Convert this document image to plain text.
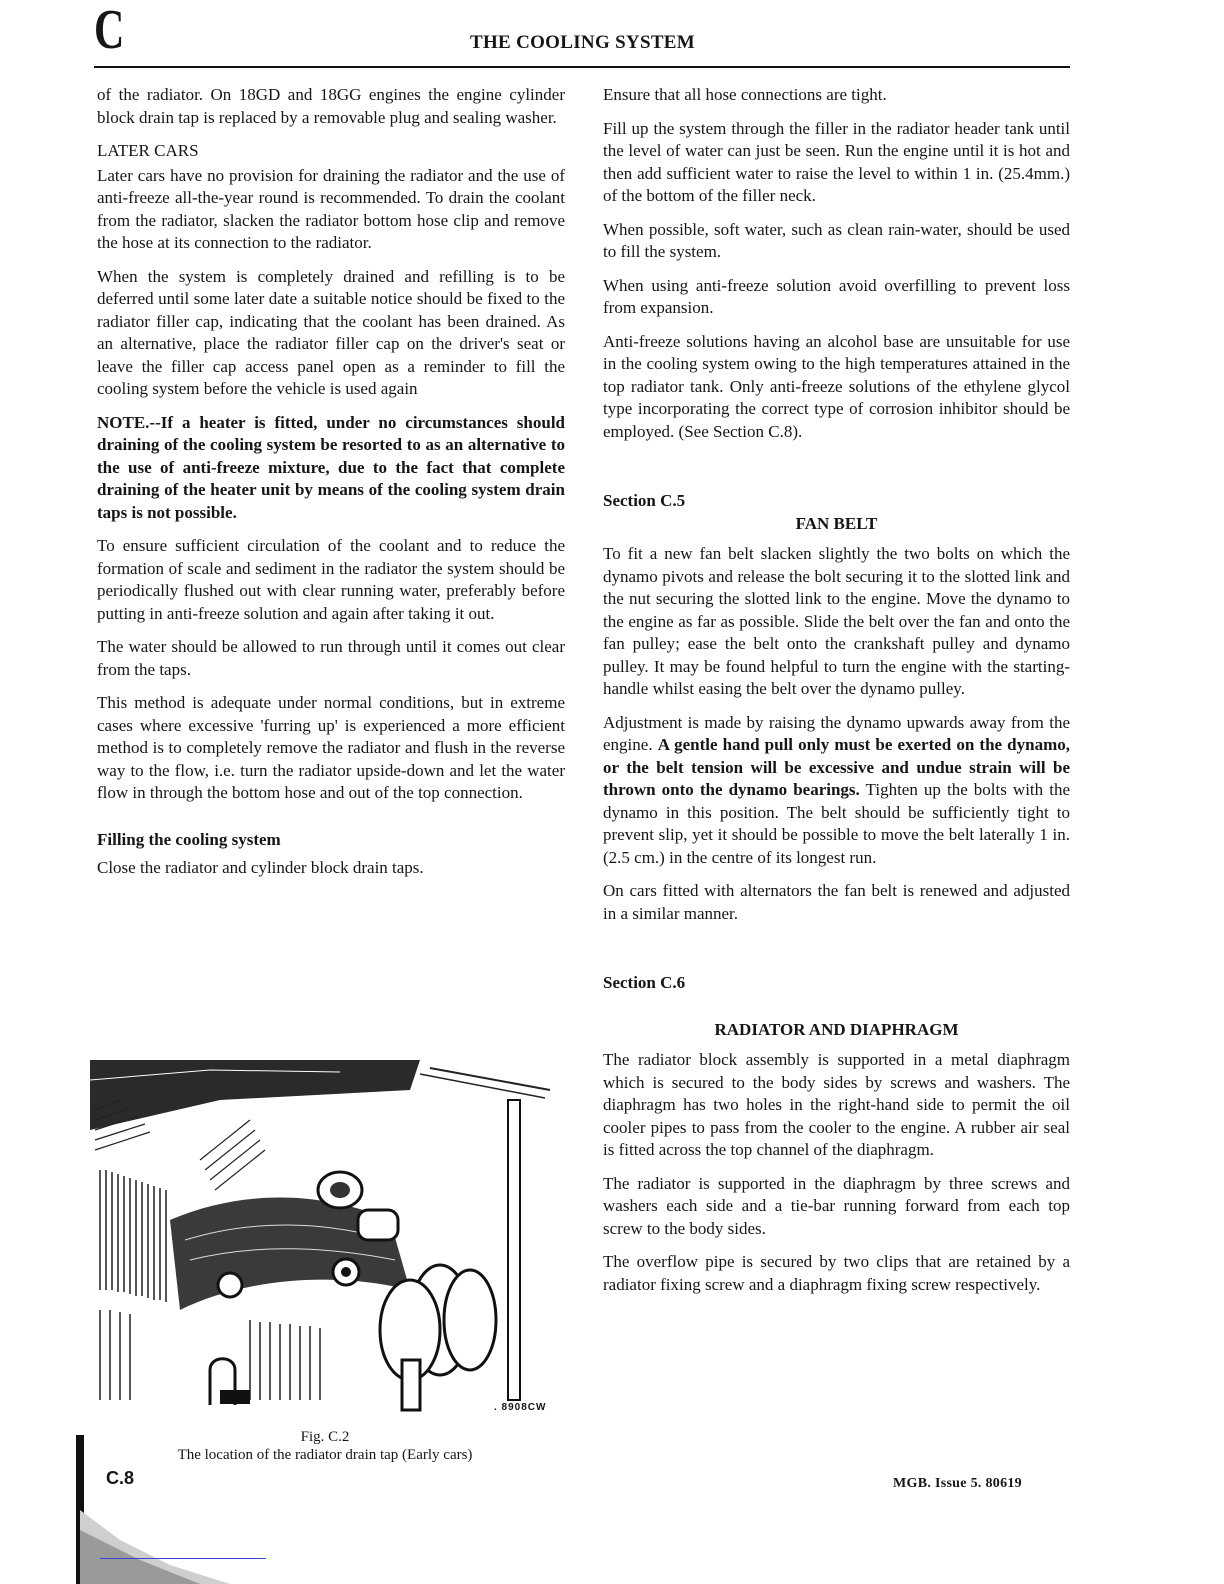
C	THE COOLING SYSTEM

of the radiator. On 18GD and 18GG engines the engine cylinder block drain tap is replaced by a removable plug and sealing washer.

LATER CARS

Later cars have no provision for draining the radiator and the use of anti-freeze all-the-year round is recommended. To drain the coolant from the radiator, slacken the radiator bottom hose clip and remove the hose at its connection to the radiator.

When the system is completely drained and refilling is to be deferred until some later date a suitable notice should be fixed to the radiator filler cap, indicating that the coolant has been drained. As an alternative, place the radiator filler cap on the driver's seat or leave the filler cap access panel open as a reminder to fill the cooling system before the vehicle is used again

NOTE.--If a heater is fitted, under no circumstances should draining of the cooling system be resorted to as an alternative to the use of anti-freeze mixture, due to the fact that complete draining of the heater unit by means of the cooling system drain taps is not possible.

To ensure sufficient circulation of the coolant and to reduce the formation of scale and sediment in the radiator the system should be periodically flushed out with clear running water, preferably before putting in anti-freeze solution and again after taking it out.

The water should be allowed to run through until it comes out clear from the taps.

This method is adequate under normal conditions, but in extreme cases where excessive 'furring up' is experienced a more efficient method is to completely remove the radiator and flush in the reverse way to the flow, i.e. turn the radiator upside-down and let the water flow in through the bottom hose and out of the top connection.

Filling the cooling system

Close the radiator and cylinder block drain taps.

Ensure that all hose connections are tight.

Fill up the system through the filler in the radiator header tank until the level of water can just be seen. Run the engine until it is hot and then add sufficient water to raise the level to within 1 in. (25.4mm.) of the bottom of the filler neck.

When possible, soft water, such as clean rain-water, should be used to fill the system.

When using anti-freeze solution avoid overfilling to prevent loss from expansion.

Anti-freeze solutions having an alcohol base are unsuitable for use in the cooling system owing to the high temperatures attained in the top radiator tank. Only anti-freeze solutions of the ethylene glycol type incorporating the correct type of corrosion inhibitor should be employed. (See Section C.8).

Section C.5

FAN BELT

To fit a new fan belt slacken slightly the two bolts on which the dynamo pivots and release the bolt securing it to the slotted link and the nut securing the slotted link to the engine. Move the dynamo to the engine as far as possible. Slide the belt over the fan and onto the fan pulley; ease the belt onto the crankshaft pulley and dynamo pulley. It may be found helpful to turn the engine with the starting-handle whilst easing the belt over the dynamo pulley.

Adjustment is made by raising the dynamo upwards away from the engine. A gentle hand pull only must be exerted on the dynamo, or the belt tension will be excessive and undue strain will be thrown onto the dynamo bearings. Tighten up the bolts with the dynamo in this position. The belt should be sufficiently tight to prevent slip, yet it should be possible to move the belt laterally 1 in. (2.5 cm.) in the centre of its longest run.

On cars fitted with alternators the fan belt is renewed and adjusted in a similar manner.

Section C.6

RADIATOR AND DIAPHRAGM

The radiator block assembly is supported in a metal diaphragm which is secured to the body sides by screws and washers. The diaphragm has two holes in the right-hand side to permit the oil cooler pipes to pass from the cooler to the engine. A rubber air seal is fitted across the top channel of the diaphragm.

The radiator is supported in the diaphragm by three screws and washers each side and a tie-bar running forward from each top screw to the body sides.

The overflow pipe is secured by two clips that are retained by a radiator fixing screw and a diaphragm fixing screw respectively.

. 8908CW
Fig. C.2
The location of the radiator drain tap (Early cars)
C.8	MGB. Issue 5. 80619
